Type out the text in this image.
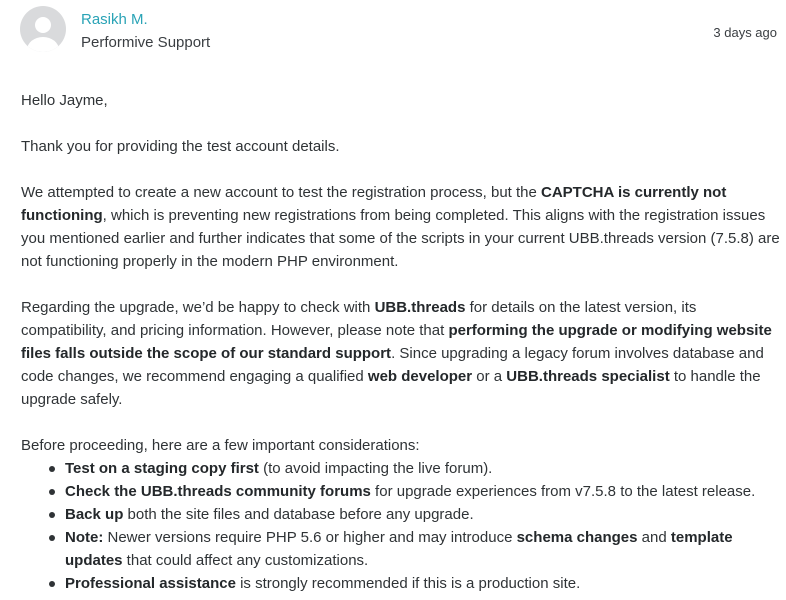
Rasikh M.
Performive Support
3 days ago

Hello Jayme,

Thank you for providing the test account details.

We attempted to create a new account to test the registration process, but the CAPTCHA is currently not functioning, which is preventing new registrations from being completed. This aligns with the registration issues you mentioned earlier and further indicates that some of the scripts in your current UBB.threads version (7.5.8) are not functioning properly in the modern PHP environment.

Regarding the upgrade, we’d be happy to check with UBB.threads for details on the latest version, its compatibility, and pricing information. However, please note that performing the upgrade or modifying website files falls outside the scope of our standard support. Since upgrading a legacy forum involves database and code changes, we recommend engaging a qualified web developer or a UBB.threads specialist to handle the upgrade safely.

Before proceeding, here are a few important considerations:

Test on a staging copy first (to avoid impacting the live forum).
Check the UBB.threads community forums for upgrade experiences from v7.5.8 to the latest release.
Back up both the site files and database before any upgrade.
Note: Newer versions require PHP 5.6 or higher and may introduce schema changes and template updates that could affect any customizations.
Professional assistance is strongly recommended if this is a production site.
